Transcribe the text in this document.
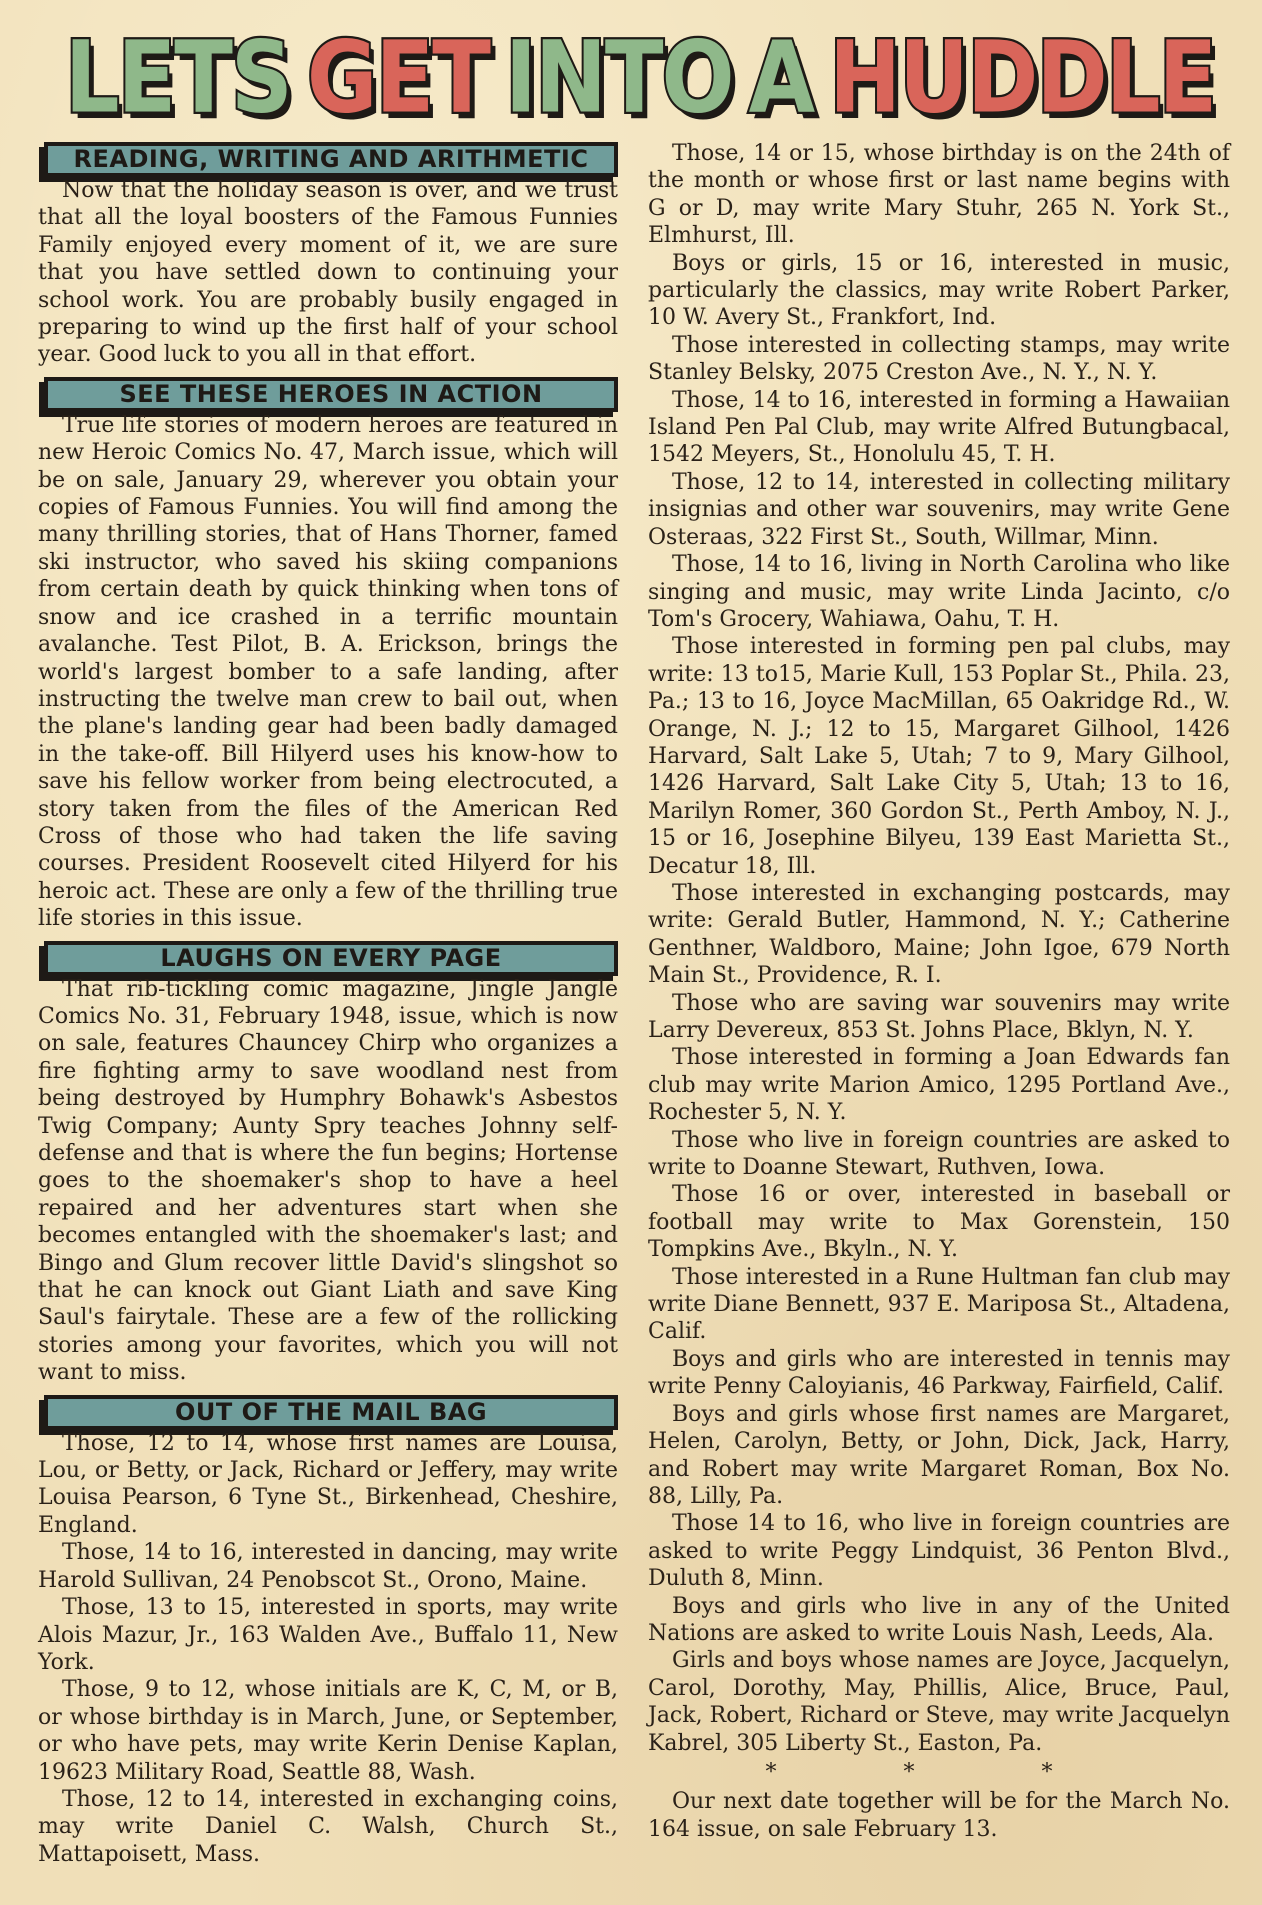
LETS GET INTO A HUDDLE
READING, WRITING AND ARITHMETIC

Now that the holiday season is over, and we trust that all the loyal boosters of the Famous Funnies Family enjoyed every moment of it, we are sure that you have settled down to continuing your school work. You are probably busily engaged in preparing to wind up the first half of your school year. Good luck to you all in that effort.

SEE THESE HEROES IN ACTION

True life stories of modern heroes are featured in new Heroic Comics No. 47, March issue, which will be on sale, January 29, wherever you obtain your copies of Famous Funnies. You will find among the many thrilling stories, that of Hans Thorner, famed ski instructor, who saved his skiing companions from certain death by quick thinking when tons of snow and ice crashed in a terrific mountain avalanche. Test Pilot, B. A. Erickson, brings the world's largest bomber to a safe landing, after instructing the twelve man crew to bail out, when the plane's landing gear had been badly damaged in the take-off. Bill Hilyerd uses his know-how to save his fellow worker from being electrocuted, a story taken from the files of the American Red Cross of those who had taken the life saving courses. President Roosevelt cited Hilyerd for his heroic act. These are only a few of the thrilling true life stories in this issue.

LAUGHS ON EVERY PAGE

That rib-tickling comic magazine, Jingle Jangle Comics No. 31, February 1948, issue, which is now on sale, features Chauncey Chirp who organizes a fire fighting army to save woodland nest from being destroyed by Humphry Bohawk's Asbestos Twig Company; Aunty Spry teaches Johnny self-defense and that is where the fun begins; Hortense goes to the shoemaker's shop to have a heel repaired and her adventures start when she becomes entangled with the shoemaker's last; and Bingo and Glum recover little David's slingshot so that he can knock out Giant Liath and save King Saul's fairytale. These are a few of the rollicking stories among your favorites, which you will not want to miss.

OUT OF THE MAIL BAG

Those, 12 to 14, whose first names are Louisa, Lou, or Betty, or Jack, Richard or Jeffery, may write Louisa Pearson, 6 Tyne St., Birkenhead, Cheshire, England.

Those, 14 to 16, interested in dancing, may write Harold Sullivan, 24 Penobscot St., Orono, Maine.

Those, 13 to 15, interested in sports, may write Alois Mazur, Jr., 163 Walden Ave., Buffalo 11, New York.

Those, 9 to 12, whose initials are K, C, M, or B, or whose birthday is in March, June, or September, or who have pets, may write Kerin Denise Kaplan, 19623 Military Road, Seattle 88, Wash.

Those, 12 to 14, interested in exchanging coins, may write Daniel C. Walsh, Church St., Mattapoisett, Mass.

Those, 14 or 15, whose birthday is on the 24th of the month or whose first or last name begins with G or D, may write Mary Stuhr, 265 N. York St., Elmhurst, Ill.

Boys or girls, 15 or 16, interested in music, particularly the classics, may write Robert Parker, 10 W. Avery St., Frankfort, Ind.

Those interested in collecting stamps, may write Stanley Belsky, 2075 Creston Ave., N. Y., N. Y.

Those, 14 to 16, interested in forming a Hawaiian Island Pen Pal Club, may write Alfred Butungbacal, 1542 Meyers, St., Honolulu 45, T. H.

Those, 12 to 14, interested in collecting military insignias and other war souvenirs, may write Gene Osteraas, 322 First St., South, Willmar, Minn.

Those, 14 to 16, living in North Carolina who like singing and music, may write Linda Jacinto, c/o Tom's Grocery, Wahiawa, Oahu, T. H.

Those interested in forming pen pal clubs, may write: 13 to15, Marie Kull, 153 Poplar St., Phila. 23, Pa.; 13 to 16, Joyce MacMillan, 65 Oakridge Rd., W. Orange, N. J.; 12 to 15, Margaret Gilhool, 1426 Harvard, Salt Lake 5, Utah; 7 to 9, Mary Gilhool, 1426 Harvard, Salt Lake City 5, Utah; 13 to 16, Marilyn Romer, 360 Gordon St., Perth Amboy, N. J., 15 or 16, Josephine Bilyeu, 139 East Marietta St., Decatur 18, Ill.

Those interested in exchanging postcards, may write: Gerald Butler, Hammond, N. Y.; Catherine Genthner, Waldboro, Maine; John Igoe, 679 North Main St., Providence, R. I.

Those who are saving war souvenirs may write Larry Devereux, 853 St. Johns Place, Bklyn, N. Y.

Those interested in forming a Joan Edwards fan club may write Marion Amico, 1295 Portland Ave., Rochester 5, N. Y.

Those who live in foreign countries are asked to write to Doanne Stewart, Ruthven, Iowa.

Those 16 or over, interested in baseball or football may write to Max Gorenstein, 150 Tompkins Ave., Bkyln., N. Y.

Those interested in a Rune Hultman fan club may write Diane Bennett, 937 E. Mariposa St., Altadena, Calif.

Boys and girls who are interested in tennis may write Penny Caloyianis, 46 Parkway, Fairfield, Calif.

Boys and girls whose first names are Margaret, Helen, Carolyn, Betty, or John, Dick, Jack, Harry, and Robert may write Margaret Roman, Box No. 88, Lilly, Pa.

Those 14 to 16, who live in foreign countries are asked to write Peggy Lindquist, 36 Penton Blvd., Duluth 8, Minn.

Boys and girls who live in any of the United Nations are asked to write Louis Nash, Leeds, Ala.

Girls and boys whose names are Joyce, Jacquelyn, Carol, Dorothy, May, Phillis, Alice, Bruce, Paul, Jack, Robert, Richard or Steve, may write Jacquelyn Kabrel, 305 Liberty St., Easton, Pa.

* * *

Our next date together will be for the March No. 164 issue, on sale February 13.
